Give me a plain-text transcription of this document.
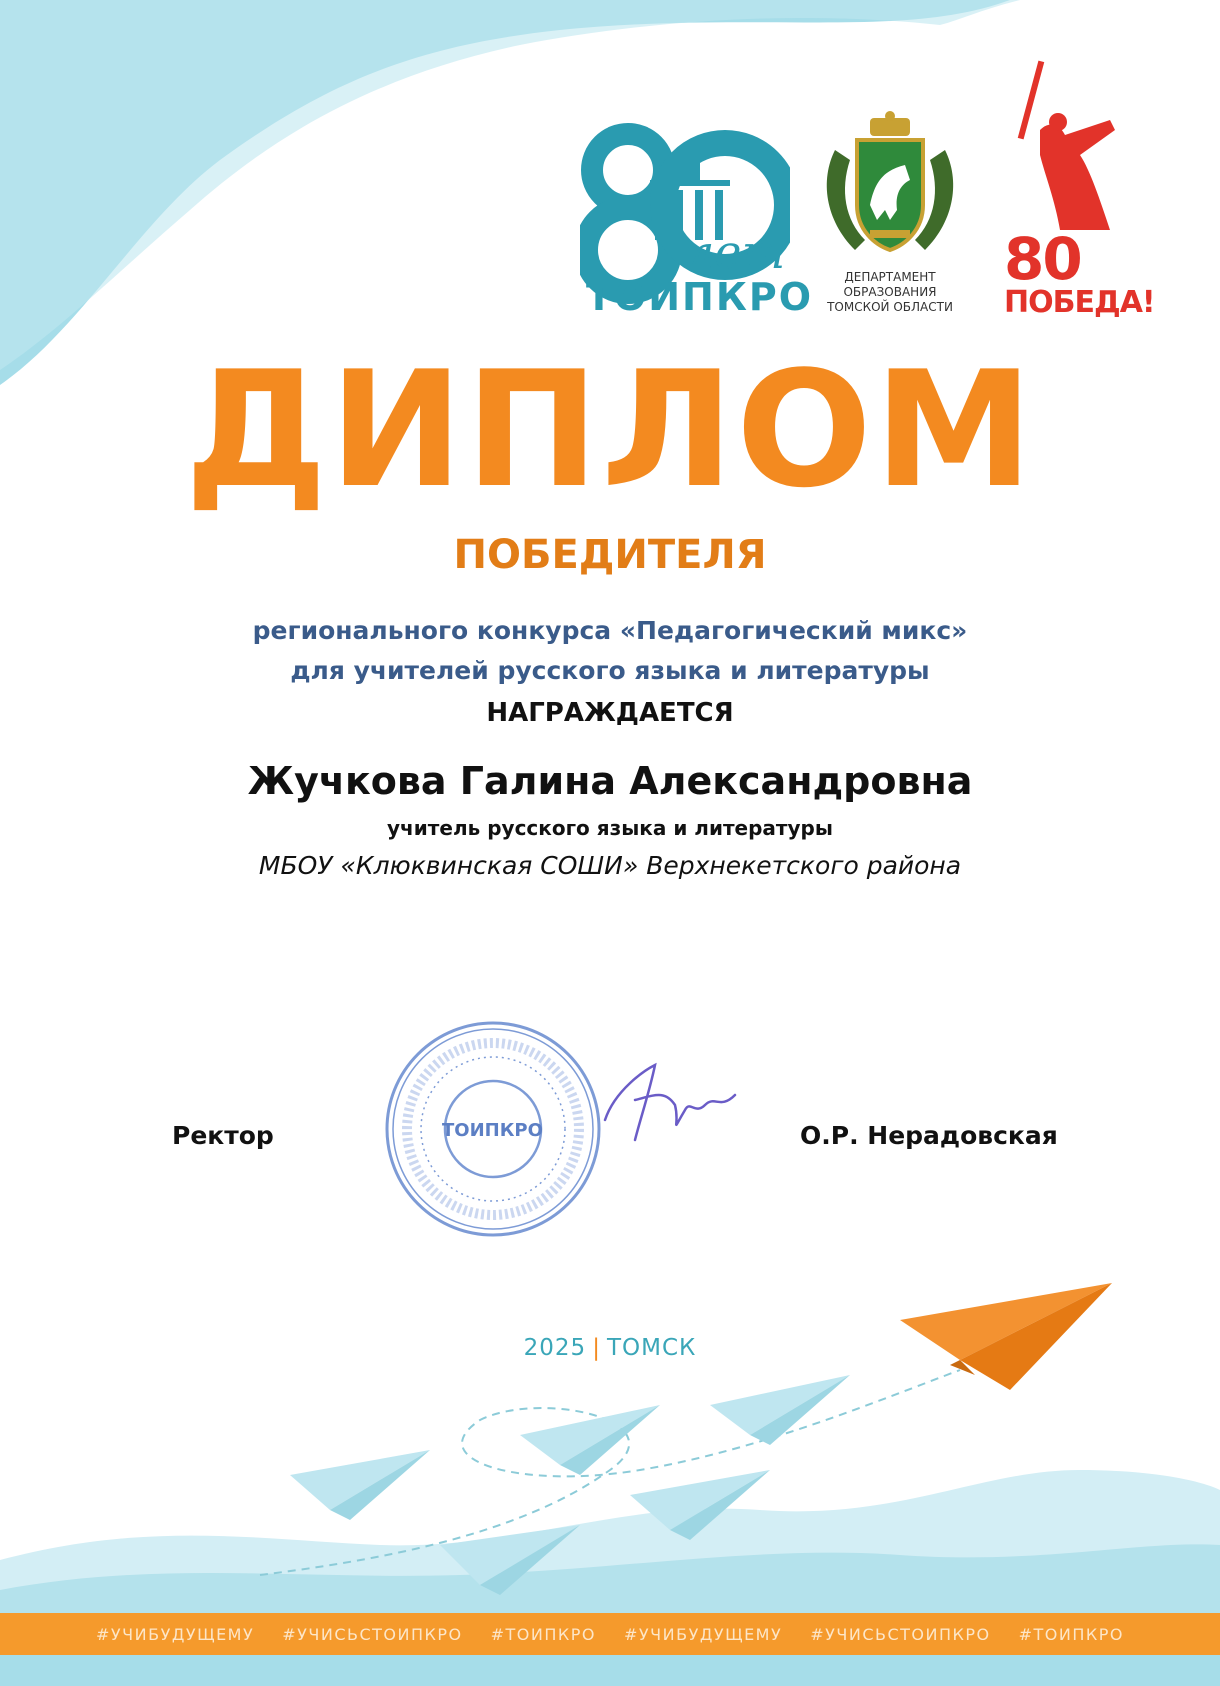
лет
ТОИПКРО	ДЕПАРТАМЕНТ
ОБРАЗОВАНИЯ
ТОМСКОЙ ОБЛАСТИ
80
ПОБЕДА!
ДИПЛОМ
ПОБЕДИТЕЛЯ
регионального конкурса «Педагогический микс»
для учителей русского языка и литературы
НАГРАЖДАЕТСЯ
Жучкова Галина Александровна
учитель русского языка и литературы
МБОУ «Клюквинская СОШИ» Верхнекетского района
Ректор	О.Р. Нерадовская
ТОИПКРО
2025 | ТОМСК
#УЧИБУДУЩЕМУ #УЧИСЬСТОИПКРО #ТОИПКРО #УЧИБУДУЩЕМУ #УЧИСЬСТОИПКРО #ТОИПКРО
